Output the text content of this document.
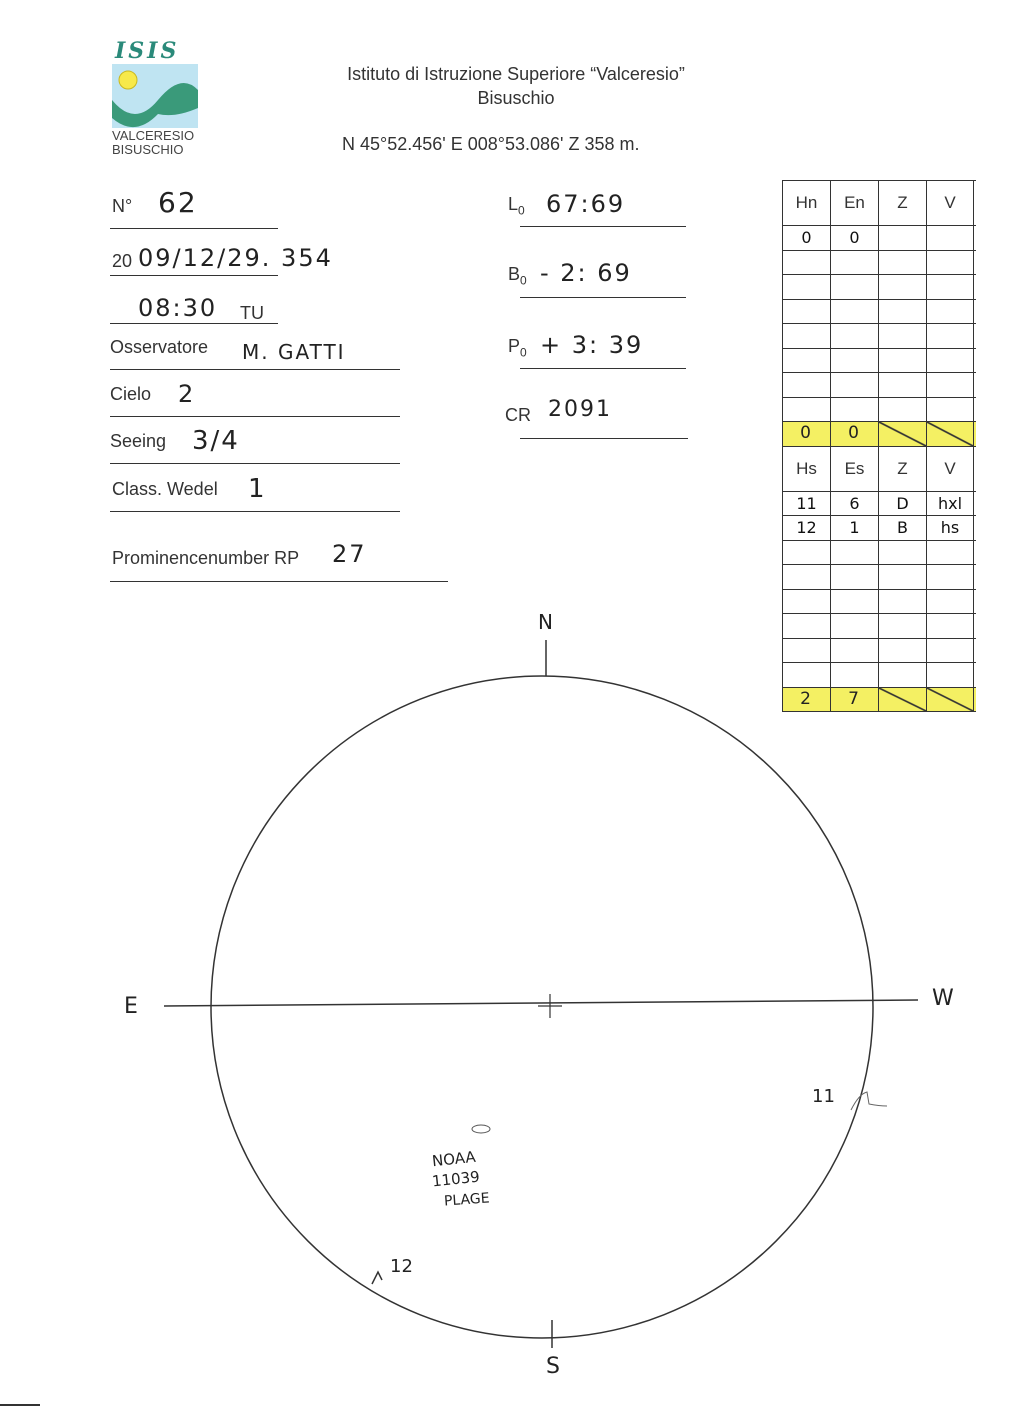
ISIS
VALCERESIO
BISUSCHIO
Istituto di Istruzione Superiore “Valceresio”
Bisuschio
N 45°52.456' E 008°53.086' Z 358 m.
N° 62
20 09/12/29. 354
08:30 TU
Osservatore M. GATTI
Cielo 2
Seeing 3/4
Class. Wedel 1
Prominencenumber RP 27
$L_0$ 67:69
$B_0 - 2$: 69
$P_0 + 3$: 39
CR 2091
Hn	En	Z	V
0	0
0	0
Hs	Es	Z	V
11	6	D	hxl
12	1	B	hs
2	7
N
S
E	W
11
12
NOAA
11039
PLAGE
